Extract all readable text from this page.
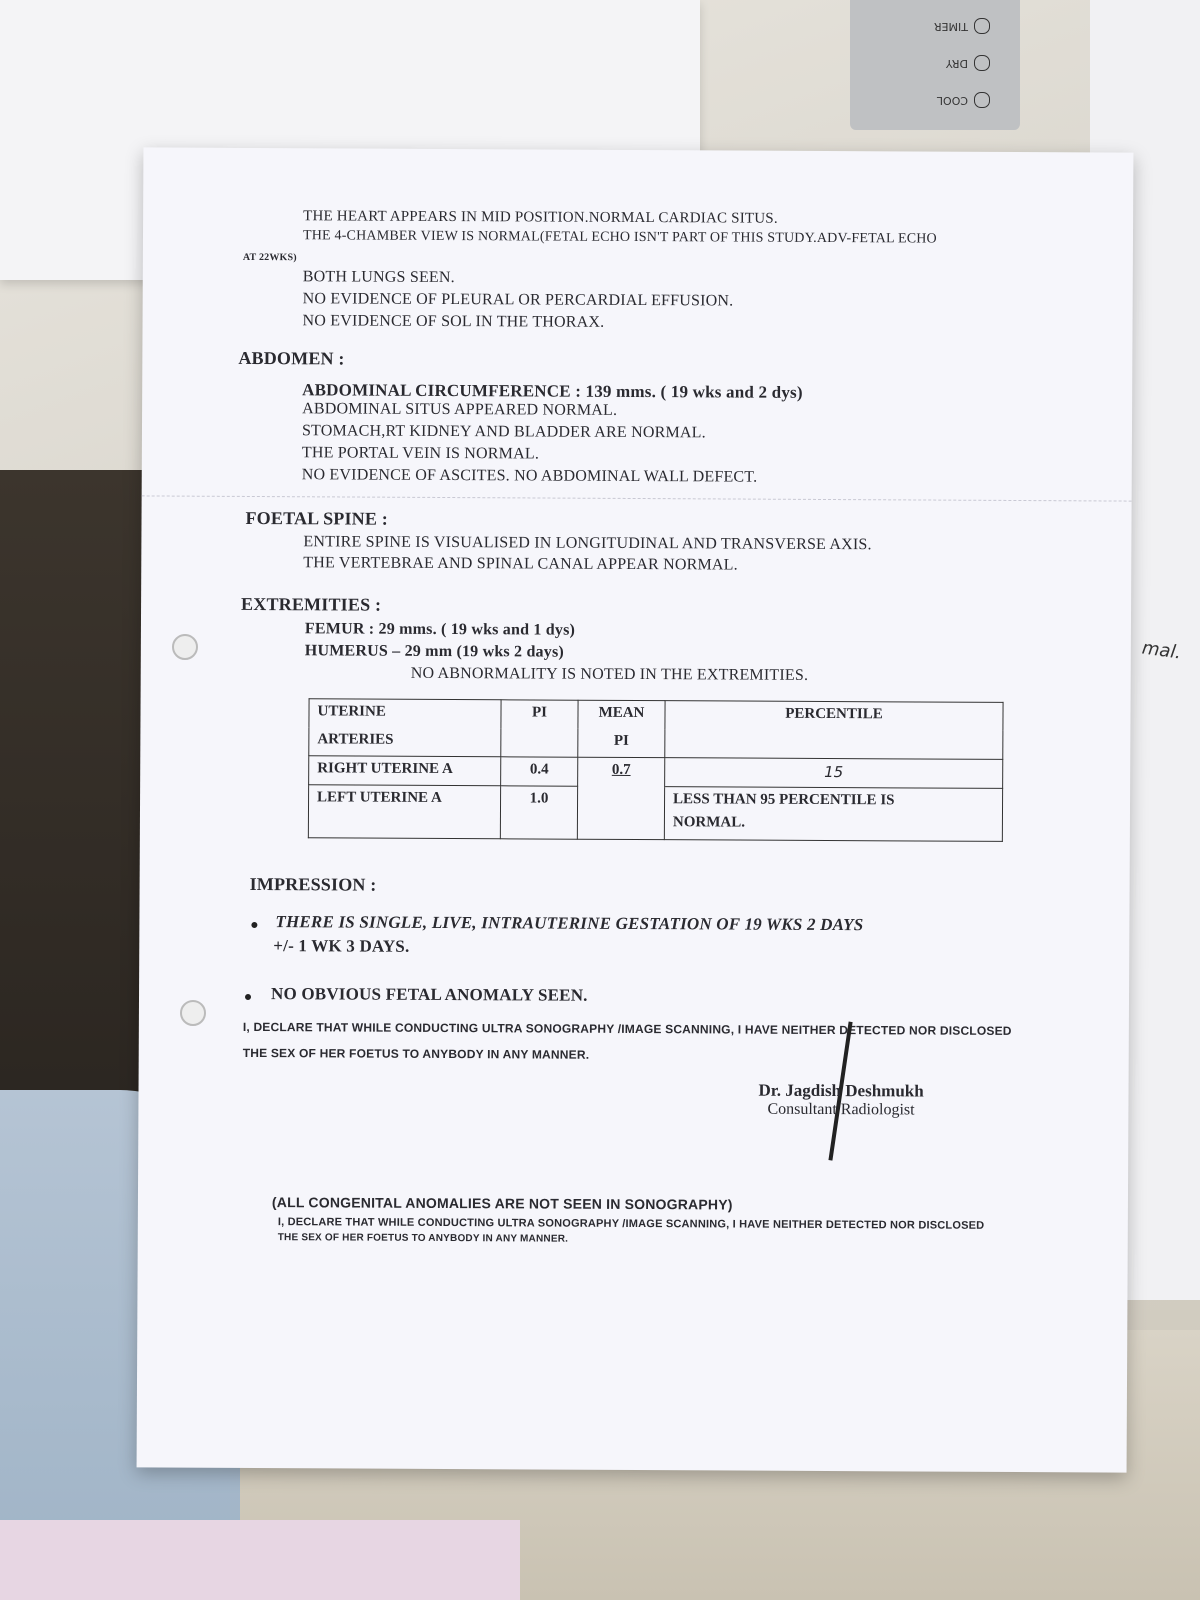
mal.
TIMER
DRY
COOL
THE HEART APPEARS IN MID POSITION.NORMAL CARDIAC SITUS.
THE 4-CHAMBER VIEW IS NORMAL(FETAL ECHO ISN'T PART OF THIS STUDY.ADV-FETAL ECHO
AT 22WKS)
BOTH LUNGS SEEN.
NO EVIDENCE OF PLEURAL OR PERCARDIAL EFFUSION.
NO EVIDENCE OF SOL IN THE THORAX.
ABDOMEN :
ABDOMINAL CIRCUMFERENCE : 139 mms. ( 19 wks and 2 dys)
ABDOMINAL SITUS APPEARED NORMAL.
STOMACH,RT KIDNEY AND BLADDER ARE NORMAL.
THE PORTAL VEIN IS NORMAL.
NO EVIDENCE OF ASCITES. NO ABDOMINAL WALL DEFECT.
FOETAL SPINE :
ENTIRE SPINE IS VISUALISED IN LONGITUDINAL AND TRANSVERSE AXIS.
THE VERTEBRAE AND SPINAL CANAL APPEAR NORMAL.
EXTREMITIES :
FEMUR : 29 mms. ( 19 wks and 1 dys)
HUMERUS – 29 mm (19 wks 2 days)
NO ABNORMALITY IS NOTED IN THE EXTREMITIES.
UTERINE	PI	MEAN	PERCENTILE
ARTERIES		PI	
RIGHT UTERINE A	0.4	0.7	15
LEFT UTERINE A	1.0		LESS THAN 95 PERCENTILE IS
NORMAL.
IMPRESSION :
THERE IS SINGLE, LIVE, INTRAUTERINE GESTATION OF 19 WKS 2 DAYS
+/- 1 WK 3 DAYS.
NO OBVIOUS FETAL ANOMALY SEEN.
I, DECLARE THAT WHILE CONDUCTING ULTRA SONOGRAPHY /IMAGE SCANNING, I HAVE NEITHER DETECTED NOR DISCLOSED
THE SEX OF HER FOETUS TO ANYBODY IN ANY MANNER.
Dr. Jagdish Deshmukh
Consultant Radiologist
(ALL CONGENITAL ANOMALIES ARE NOT SEEN IN SONOGRAPHY)
I, DECLARE THAT WHILE CONDUCTING ULTRA SONOGRAPHY /IMAGE SCANNING, I HAVE NEITHER DETECTED NOR DISCLOSED
THE SEX OF HER FOETUS TO ANYBODY IN ANY MANNER.
